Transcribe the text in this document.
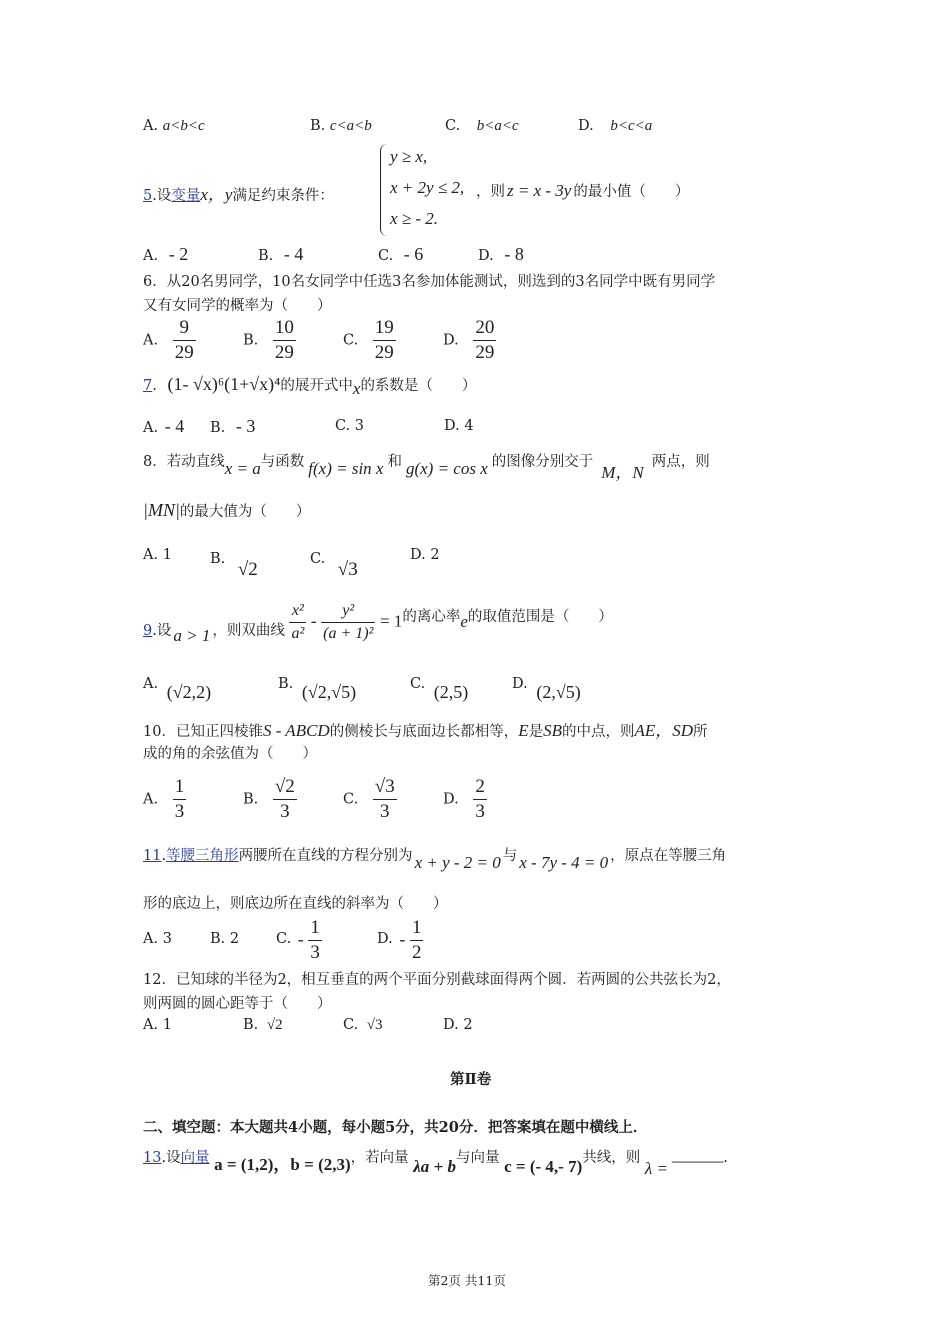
A. a<b<c	B. c<a<b	C. b<a<c	D. b<c<a
5.设变量x，y满足约束条件：
y ≥ x,
x + 2y ≤ 2,
x ≥ - 2.
，则 z = x - 3y 的最小值（　　）
A. - 2	B. - 4	C. - 6	D. - 8
6．从20名男同学，10名女同学中任选3名参加体能测试，则选到的3名同学中既有男同学
又有女同学的概率为（　　）
A. $\frac{9}{29}$	B. $\frac{10}{29}$	C. $\frac{19}{29}$	D. $\frac{20}{29}$
7. (1- √x)⁶(1+√x)⁴的展开式中x的系数是（　　）
A. - 4 B. - 3	C. 3	D. 4
8．若动直线x = a与函数 f(x) = sin x 和 g(x) = cos x 的图像分别交于M，N两点，则
|MN|的最大值为（　　）
A. 1	B. √2	C. √3
D. 2
9.设 a > 1 ，则双曲线 $\frac{\text{x²}}{\text{a²}} - \frac{\text{y²}}{\text{(a + 1)²}} = 1$的离心率e的取值范围是（　　）
A. (√2,2)	B. (√2,√5)	C. (2,5)	D. (2,√5)
10．已知正四棱锥S - ABCD的侧棱长与底面边长都相等，E是SB的中点，则AE，SD所
成的角的余弦值为（　　）
A. $\frac{1}{3}$	B. $\frac{√2}{3}$	C. $\frac{√3}{3}$	D. $\frac{2}{3}$
11.等腰三角形两腰所在直线的方程分别为 x + y - 2 = 0 与 x - 7y - 4 = 0 ，原点在等腰三角
形的底边上，则底边所在直线的斜率为（　　）
A. 3	B. 2	C. - $\frac{1}{3}$	D. - $\frac{1}{2}$
12．已知球的半径为2，相互垂直的两个平面分别截球面得两个圆．若两圆的公共弦长为2，
则两圆的圆心距等于（　　）
A. 1	B. √2	C. √3	D. 2
第Ⅱ卷
二、填空题：本大题共4小题，每小题5分，共20分．把答案填在题中横线上．
13.设向量 a = (1,2)，b = (2,3)，若向量 λa + b与向量 c = (- 4,- 7)共线，则 λ = ———.
第2页 共11页
